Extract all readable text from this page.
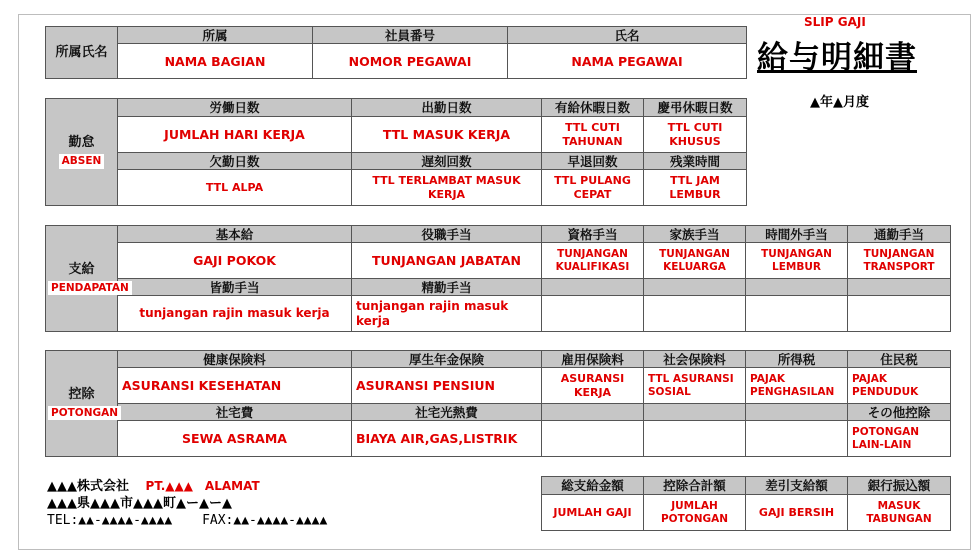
SLIP GAJI
給与明細書
▲年▲月度
所属氏名	所属	社員番号	氏名
	NAMA BAGIAN	NOMOR PEGAWAI	NAMA PEGAWAI
勤怠
ABSEN	労働日数	出勤日数	有給休暇日数	慶弔休暇日数
	JUMLAH HARI KERJA	TTL MASUK KERJA	TTL CUTI TAHUNAN	TTL CUTI KHUSUS
	欠勤日数	遅刻回数	早退回数	残業時間
	TTL ALPA	TTL TERLAMBAT MASUK KERJA	TTL PULANG CEPAT	TTL JAM LEMBUR
支給
PENDAPATAN	基本給	役職手当	資格手当	家族手当	時間外手当	通勤手当
	GAJI POKOK	TUNJANGAN JABATAN	TUNJANGAN KUALIFIKASI	TUNJANGAN KELUARGA	TUNJANGAN LEMBUR	TUNJANGAN TRANSPORT
	皆勤手当	精勤手当				
	tunjangan rajin masuk kerja	tunjangan rajin masuk kerja				
控除
POTONGAN	健康保険料	厚生年金保険	雇用保険料	社会保険料	所得税	住民税
	ASURANSI KESEHATAN	ASURANSI PENSIUN	ASURANSI KERJA	TTL ASURANSI SOSIAL	PAJAK PENGHASILAN	PAJAK PENDUDUK
	社宅費	社宅光熱費				その他控除
	SEWA ASRAMA	BIAYA AIR,GAS,LISTRIK				POTONGAN LAIN-LAIN
総支給金額	控除合計額	差引支給額	銀行振込額
JUMLAH GAJI	JUMLAH POTONGAN	GAJI BERSIH	MASUK TABUNGAN
▲▲▲株式会社 PT.▲▲▲　ALAMAT
▲▲▲県▲▲▲市▲▲▲町▲ー▲ー▲
TEL:▲▲-▲▲▲▲-▲▲▲▲ FAX:▲▲-▲▲▲▲-▲▲▲▲
